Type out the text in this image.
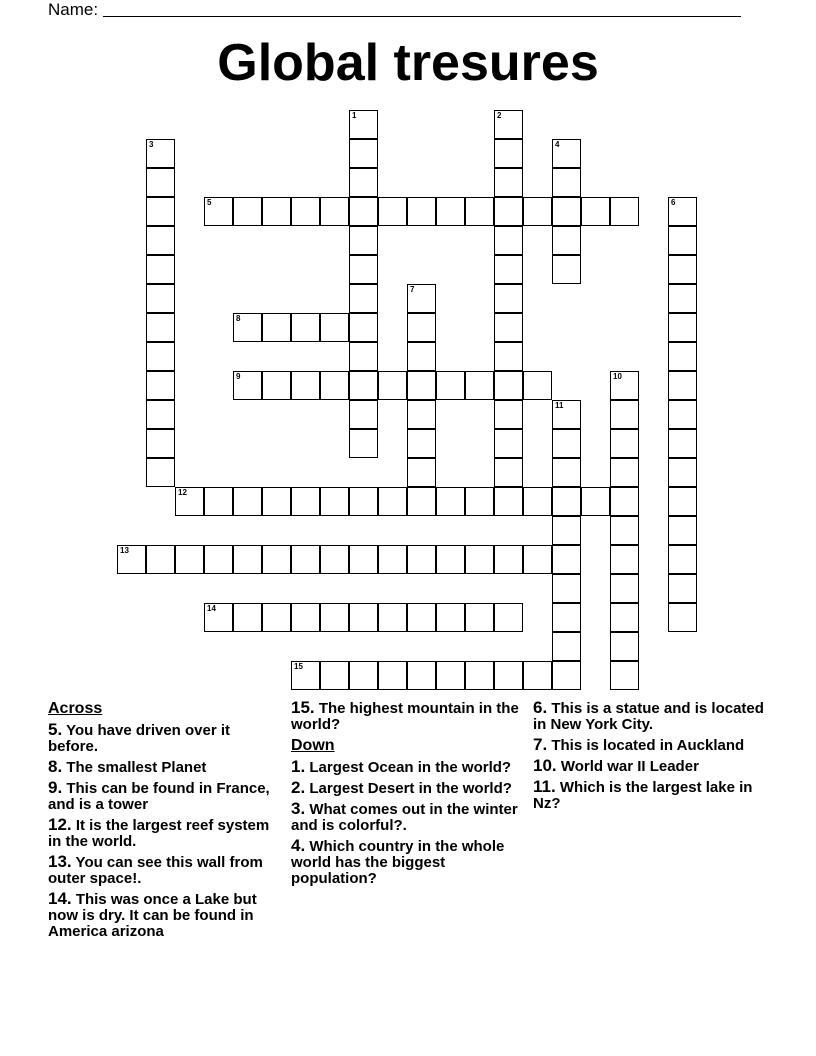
Name:
Global tresures
1	2
3	4
5	6
7
8
9	10
11
12
13
14
15
Across
5. You have driven over it before.
8. The smallest Planet
9. This can be found in France, and is a tower
12. It is the largest reef system in the world.
13. You can see this wall from outer space!.
14. This was once a Lake but now is dry. It can be found in America arizona
15. The highest mountain in the world?
Down
1. Largest Ocean in the world?
2. Largest Desert in the world?
3. What comes out in the winter and is colorful?.
4. Which country in the whole world has the biggest population?
6. This is a statue and is located in New York City.
7. This is located in Auckland
10. World war II Leader
11. Which is the largest lake in Nz?
